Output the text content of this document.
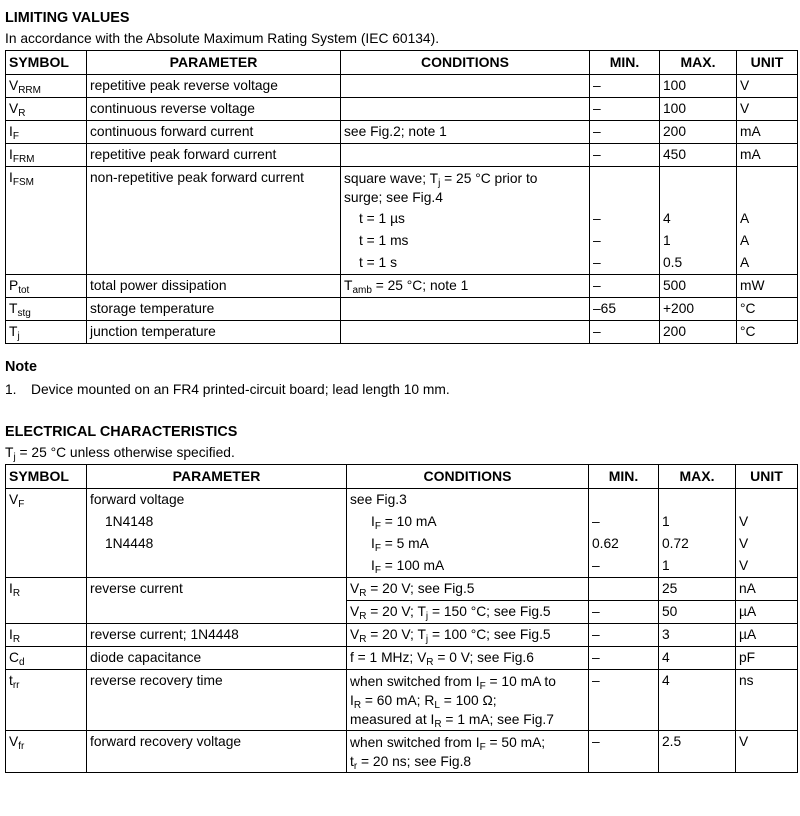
LIMITING VALUES
In accordance with the Absolute Maximum Rating System (IEC 60134).
SYMBOL	PARAMETER	CONDITIONS	MIN.	MAX.	UNIT
$V_{RRM}$	repetitive peak reverse voltage		–	100	V
$V_R$	continuous reverse voltage		–	100	V
$I_F$	continuous forward current	see Fig.2; note 1	–	200	mA
$I_{FRM}$	repetitive peak forward current		–	450	mA
$I_{FSM}$	non-repetitive peak forward current	square wave; $T_j = 25$ °C prior to
surge; see Fig.4			
		t = 1 µs	–	4	A
		t = 1 ms	–	1	A
		t = 1 s	–	0.5	A
$P_{tot}$	total power dissipation	$T_{amb} = 25$ °C; note 1	–	500	mW
$T_{stg}$	storage temperature		–65	+200	°C
$T_j$	junction temperature		–	200	°C
Note
1. Device mounted on an FR4 printed-circuit board; lead length 10 mm.
ELECTRICAL CHARACTERISTICS
$T_j = 25$ °C unless otherwise specified.
SYMBOL	PARAMETER	CONDITIONS	MIN.	MAX.	UNIT
$V_F$	forward voltage	see Fig.3			
	1N4148	$I_F = 10$ mA	–	1	V
	1N4448	$I_F = 5$ mA	0.62	0.72	V
		$I_F = 100$ mA	–	1	V
$I_R$	reverse current	$V_R = 20$ V; see Fig.5		25	nA
		$V_R = 20$ V; $T_j = 150$ °C; see Fig.5	–	50	µA
$I_R$	reverse current; 1N4448	$V_R = 20$ V; $T_j = 100$ °C; see Fig.5	–	3	µA
$C_d$	diode capacitance	f = 1 MHz; $V_R = 0$ V; see Fig.6	–	4	pF
$t_{rr}$	reverse recovery time	when switched from $I_F = 10$ mA to
$I_R = 60$ mA; $R_L = 100$ Ω;
measured at $I_R = 1$ mA; see Fig.7	–	4	ns
$V_{fr}$	forward recovery voltage	when switched from $I_F = 50$ mA;
$t_r = 20$ ns; see Fig.8	–	2.5	V
